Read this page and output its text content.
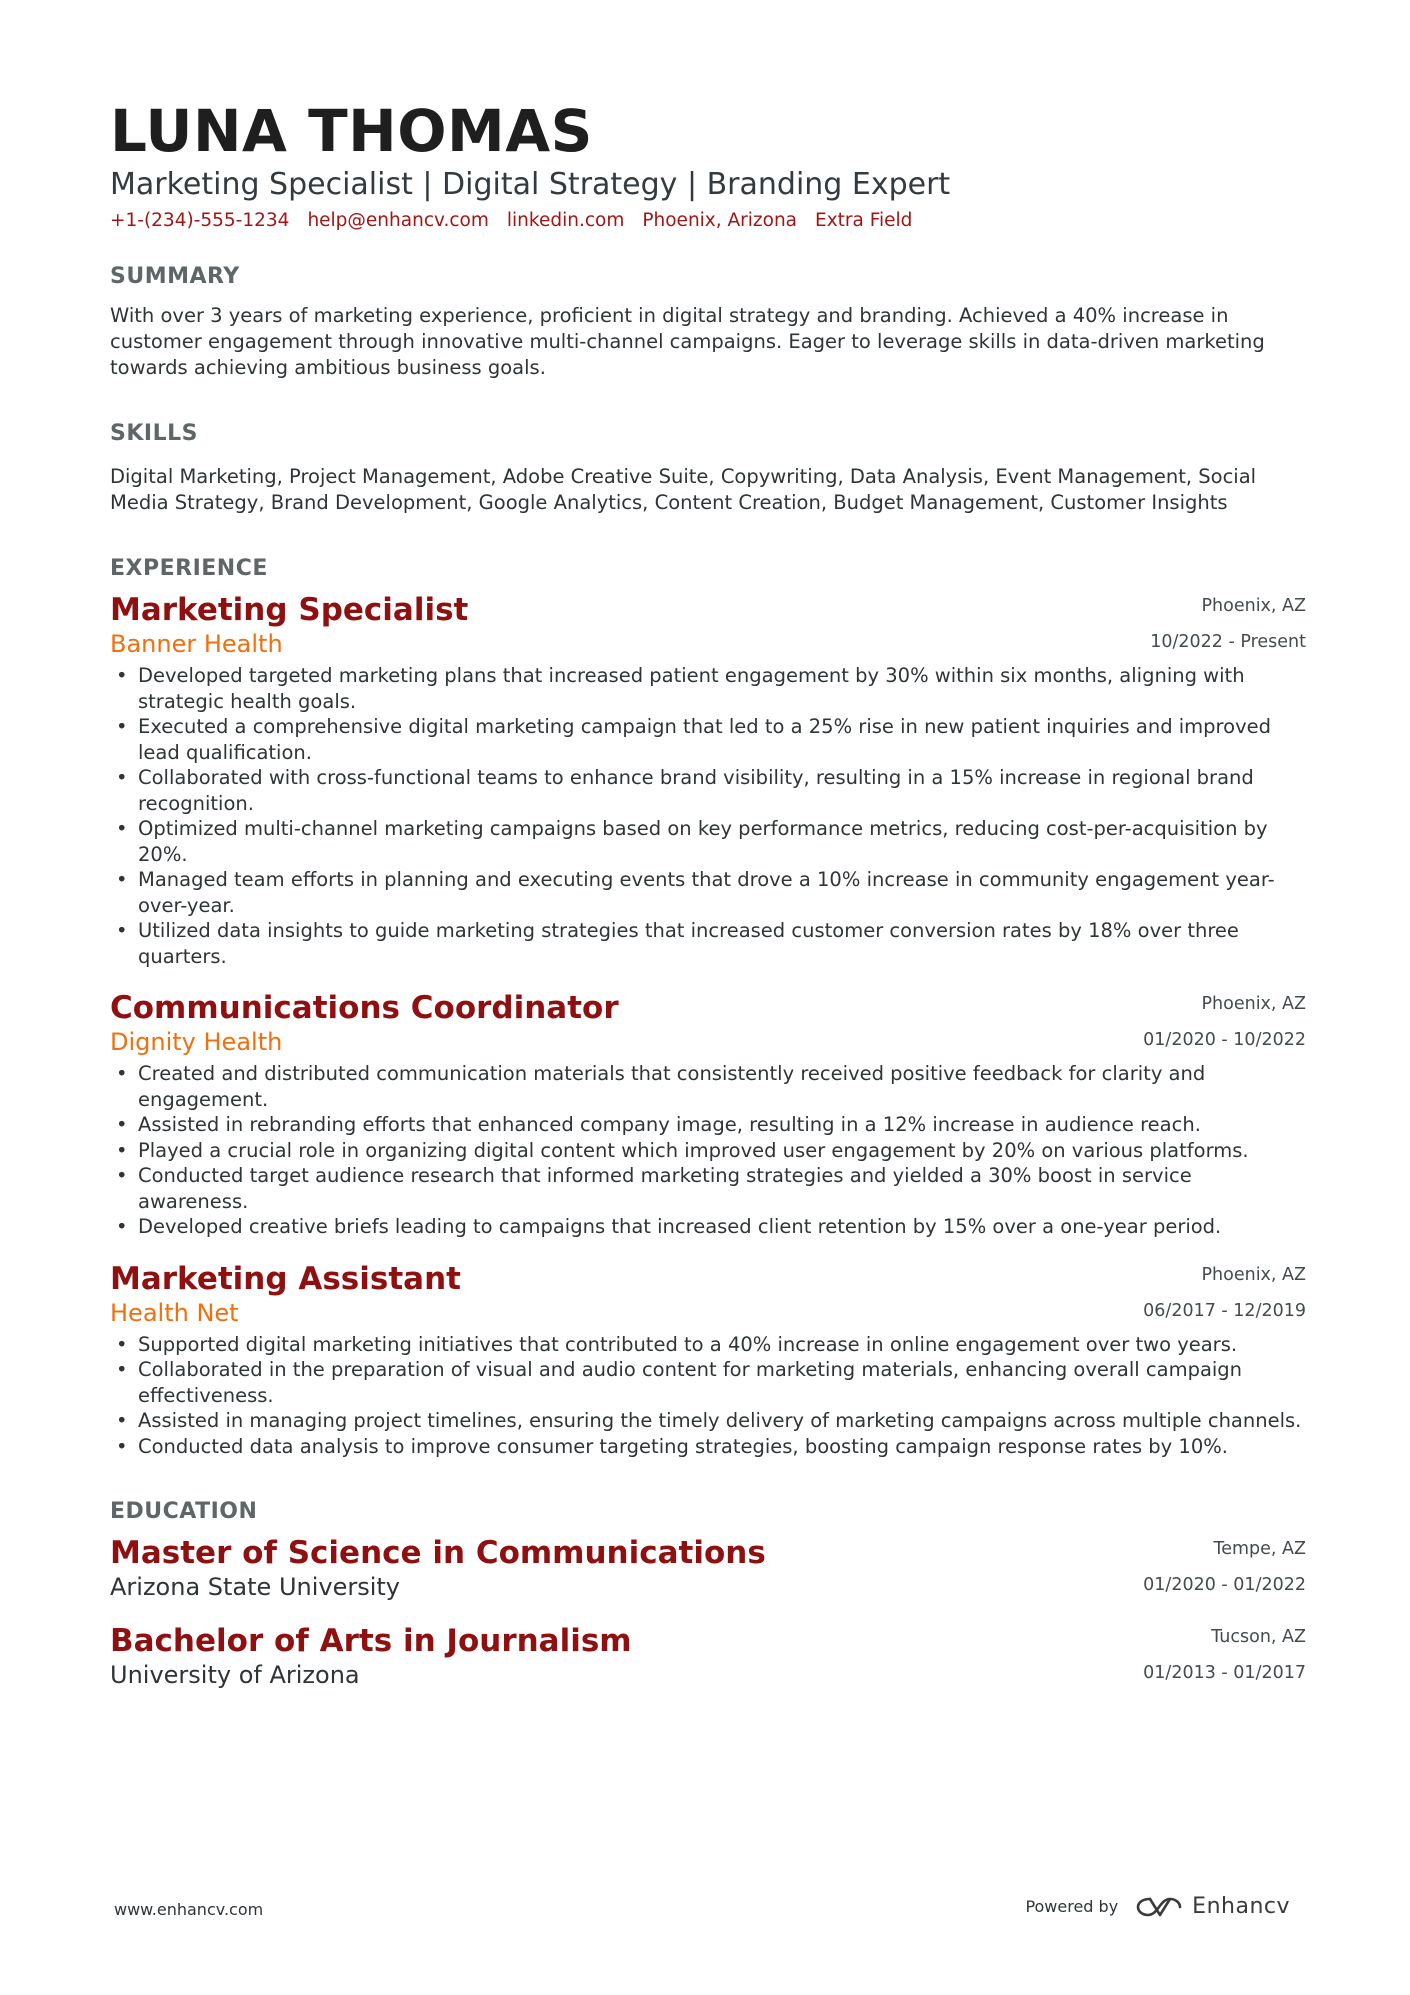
LUNA THOMAS

Marketing Specialist | Digital Strategy | Branding Expert

+1-(234)-555-1234 help@enhancv.com linkedin.com Phoenix, Arizona Extra Field
SUMMARY

With over 3 years of marketing experience, proficient in digital strategy and branding. Achieved a 40% increase in customer engagement through innovative multi-channel campaigns. Eager to leverage skills in data-driven marketing towards achieving ambitious business goals.

SKILLS

Digital Marketing, Project Management, Adobe Creative Suite, Copywriting, Data Analysis, Event Management, Social Media Strategy, Brand Development, Google Analytics, Content Creation, Budget Management, Customer Insights

EXPERIENCE
Marketing Specialist

Banner Health

Phoenix, AZ
10/2022 - Present
• Developed targeted marketing plans that increased patient engagement by 30% within six months, aligning with strategic health goals.
• Executed a comprehensive digital marketing campaign that led to a 25% rise in new patient inquiries and improved lead qualification.
• Collaborated with cross-functional teams to enhance brand visibility, resulting in a 15% increase in regional brand recognition.
• Optimized multi-channel marketing campaigns based on key performance metrics, reducing cost-per-acquisition by 20%.
• Managed team efforts in planning and executing events that drove a 10% increase in community engagement year-over-year.
• Utilized data insights to guide marketing strategies that increased customer conversion rates by 18% over three quarters.
Communications Coordinator

Dignity Health

Phoenix, AZ
01/2020 - 10/2022
• Created and distributed communication materials that consistently received positive feedback for clarity and engagement.
• Assisted in rebranding efforts that enhanced company image, resulting in a 12% increase in audience reach.
• Played a crucial role in organizing digital content which improved user engagement by 20% on various platforms.
• Conducted target audience research that informed marketing strategies and yielded a 30% boost in service awareness.
• Developed creative briefs leading to campaigns that increased client retention by 15% over a one-year period.
Marketing Assistant

Health Net

Phoenix, AZ
06/2017 - 12/2019
• Supported digital marketing initiatives that contributed to a 40% increase in online engagement over two years.
• Collaborated in the preparation of visual and audio content for marketing materials, enhancing overall campaign effectiveness.
• Assisted in managing project timelines, ensuring the timely delivery of marketing campaigns across multiple channels.
• Conducted data analysis to improve consumer targeting strategies, boosting campaign response rates by 10%.
EDUCATION
Master of Science in Communications

Arizona State University

Tempe, AZ
01/2020 - 01/2022
Bachelor of Arts in Journalism

University of Arizona

Tucson, AZ
01/2013 - 01/2017
www.enhancv.com	Powered by	Enhancv
